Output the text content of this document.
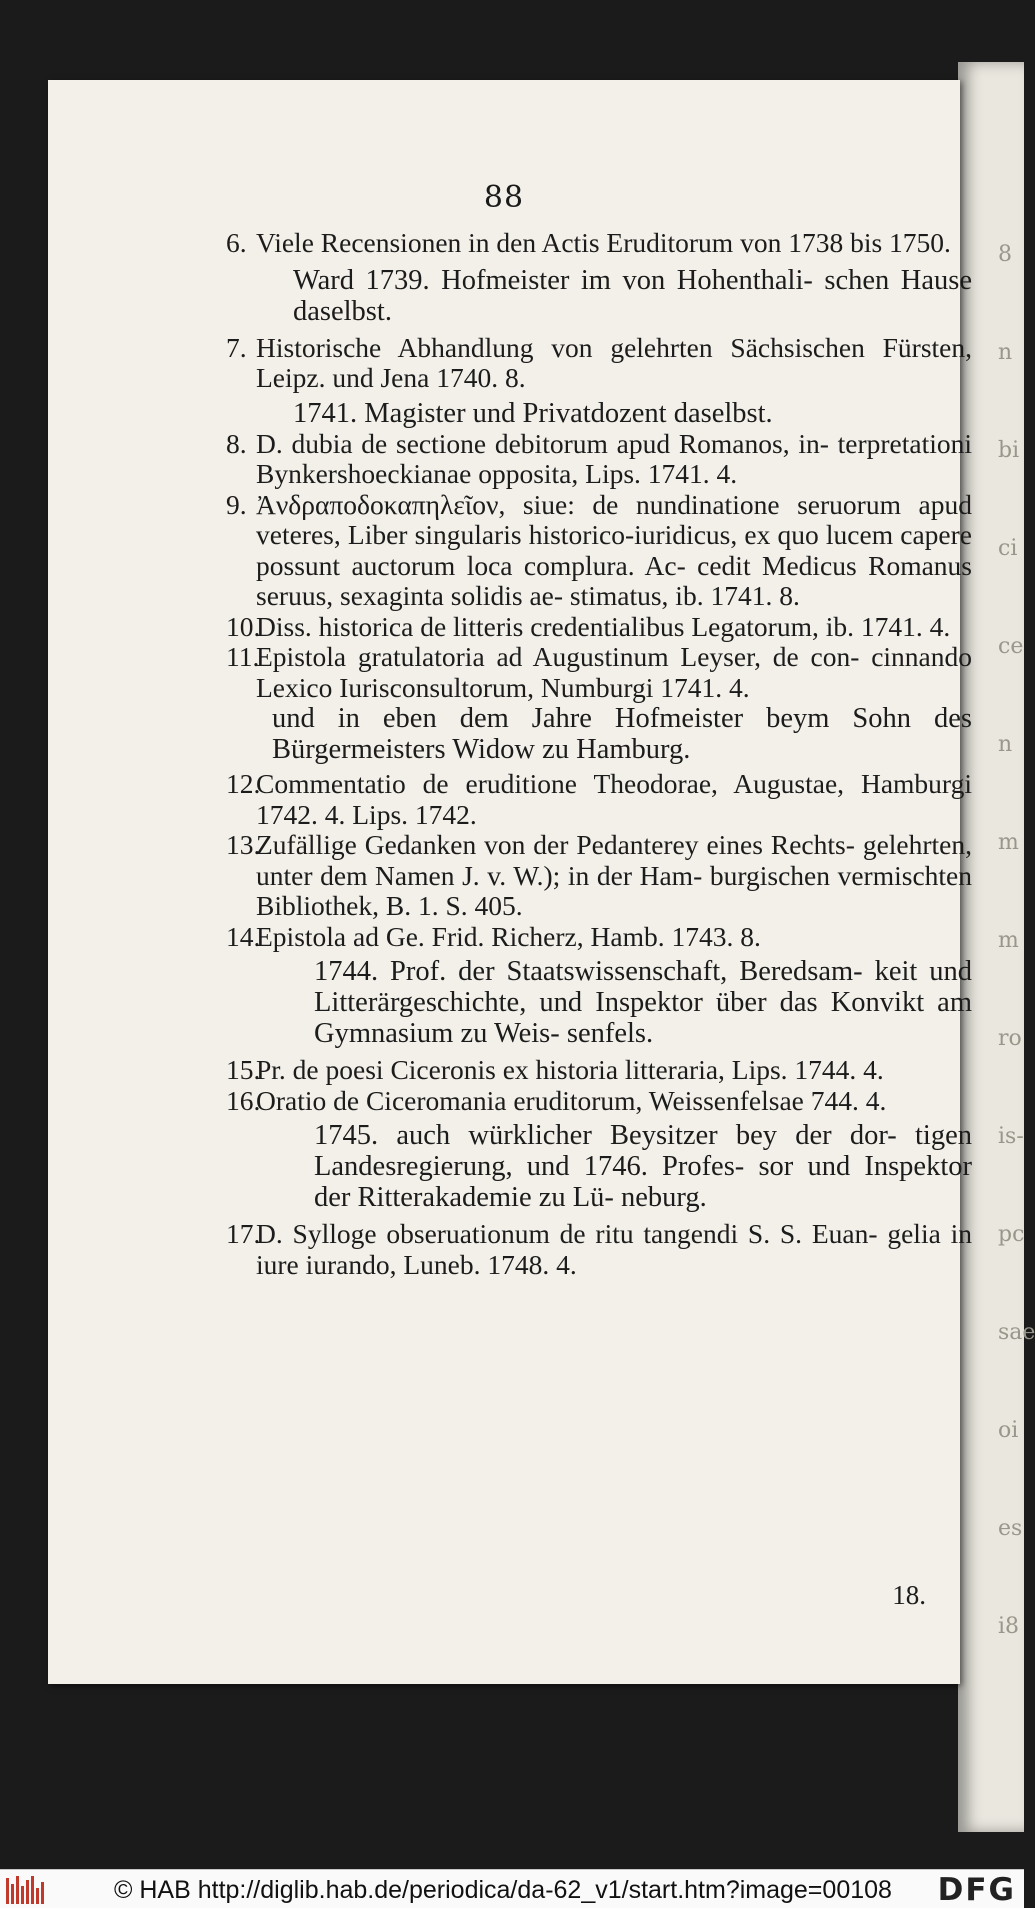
8
n
bi
ci
ce
n
m
m
ro
is-
pc
sae
oi
es
i8
88
6. Viele Recensionen in den Actis Eruditorum von 1738 bis 1750.
Ward 1739. Hofmeister im von Hohenthali- schen Hause daselbst.
7. Historische Abhandlung von gelehrten Sächsischen Fürsten, Leipz. und Jena 1740. 8.
1741. Magister und Privatdozent daselbst.
8. D. dubia de sectione debitorum apud Romanos, in- terpretationi Bynkershoeckianae opposita, Lips. 1741. 4.
9. Ἀνδραποδοκαπηλεῖον, siue: de nundinatione seruorum apud veteres, Liber singularis historico-iuridicus, ex quo lucem capere possunt auctorum loca complura. Ac- cedit Medicus Romanus seruus, sexaginta solidis ae- stimatus, ib. 1741. 8.
10.
Diss. historica de litteris credentialibus Legatorum, ib. 1741. 4.
11.
Epistola gratulatoria ad Augustinum Leyser, de con- cinnando Lexico Iurisconsultorum, Numburgi 1741. 4.
und in eben dem Jahre Hofmeister beym Sohn des Bürgermeisters Widow zu Hamburg.
12.
Commentatio de eruditione Theodorae, Augustae, Hamburgi 1742. 4. Lips. 1742.
13.
Zufällige Gedanken von der Pedanterey eines Rechts- gelehrten, unter dem Namen J. v. W.); in der Ham- burgischen vermischten Bibliothek, B. 1. S. 405.
14.
Epistola ad Ge. Frid. Richerz, Hamb. 1743. 8.
1744. Prof. der Staatswissenschaft, Beredsam- keit und Litterärgeschichte, und Inspektor über das Konvikt am Gymnasium zu Weis- senfels.
15.
Pr. de poesi Ciceronis ex historia litteraria, Lips. 1744. 4.
16.
Oratio de Ciceromania eruditorum, Weissenfelsae 744. 4.
1745. auch würklicher Beysitzer bey der dor- tigen Landesregierung, und 1746. Profes- sor und Inspektor der Ritterakademie zu Lü- neburg.
17.
D. Sylloge obseruationum de ritu tangendi S. S. Euan- gelia in iure iurando, Luneb. 1748. 4.
18.
© HAB http://diglib.hab.de/periodica/da-62_v1/start.htm?image=00108 DFG
